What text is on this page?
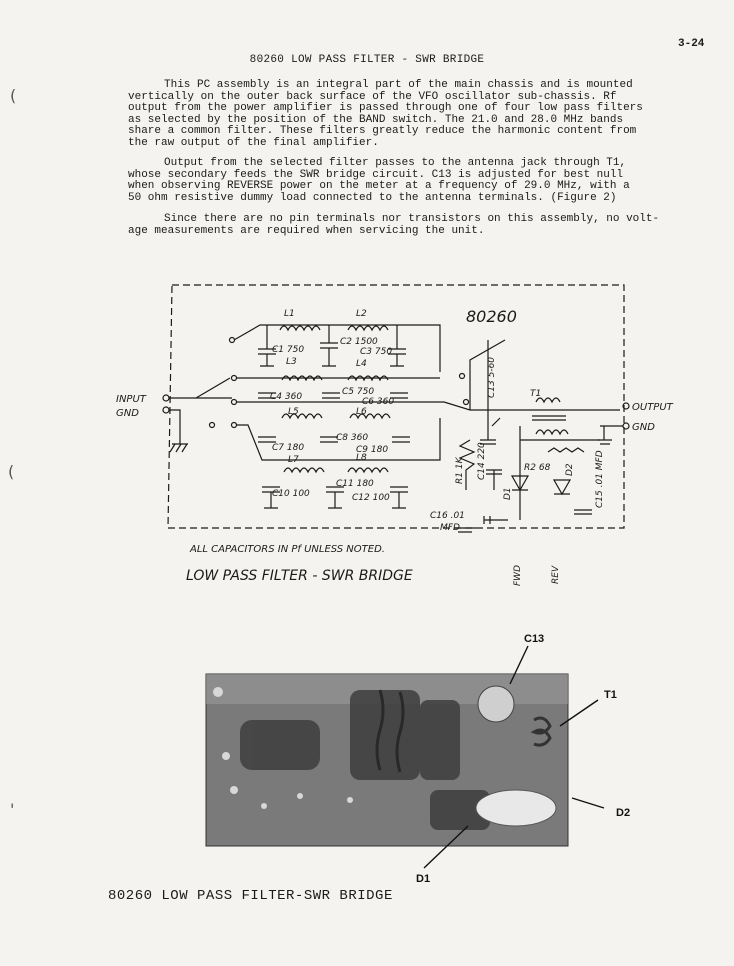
3-24
80260 LOW PASS FILTER - SWR BRIDGE
This PC assembly is an integral part of the main chassis and is mounted
vertically on the outer back surface of the VFO oscillator sub-chassis. Rf
output from the power amplifier is passed through one of four low pass filters
as selected by the position of the BAND switch. The 21.0 and 28.0 MHz bands
share a common filter. These filters greatly reduce the harmonic content from
the raw output of the final amplifier.
Output from the selected filter passes to the antenna jack through T1,
whose secondary feeds the SWR bridge circuit. C13 is adjusted for best null
when observing REVERSE power on the meter at a frequency of 29.0 MHz, with a
50 ohm resistive dummy load connected to the antenna terminals. (Figure 2)
Since there are no pin terminals nor transistors on this assembly, no volt-
age measurements are required when servicing the unit.
(
(
'
L1	L2
L3	L4
L5	L6
L7	L8
C1 750
C2 1500
C3 750
C4 360	C5 750
C6 360
C7 180
C8 360
C9 180
C10 100
C11 180
C12 100
C13 5-60	T1
R1 1K C14 220	R2 68
D1
D2 C15 .01 MFD
C16 .01
MFD
FWD	REV
80260
INPUT
GND
OUTPUT
GND
ALL CAPACITORS IN Pf UNLESS NOTED.
LOW PASS FILTER - SWR BRIDGE
C13
T1
D2
D1
80260 LOW PASS FILTER-SWR BRIDGE
